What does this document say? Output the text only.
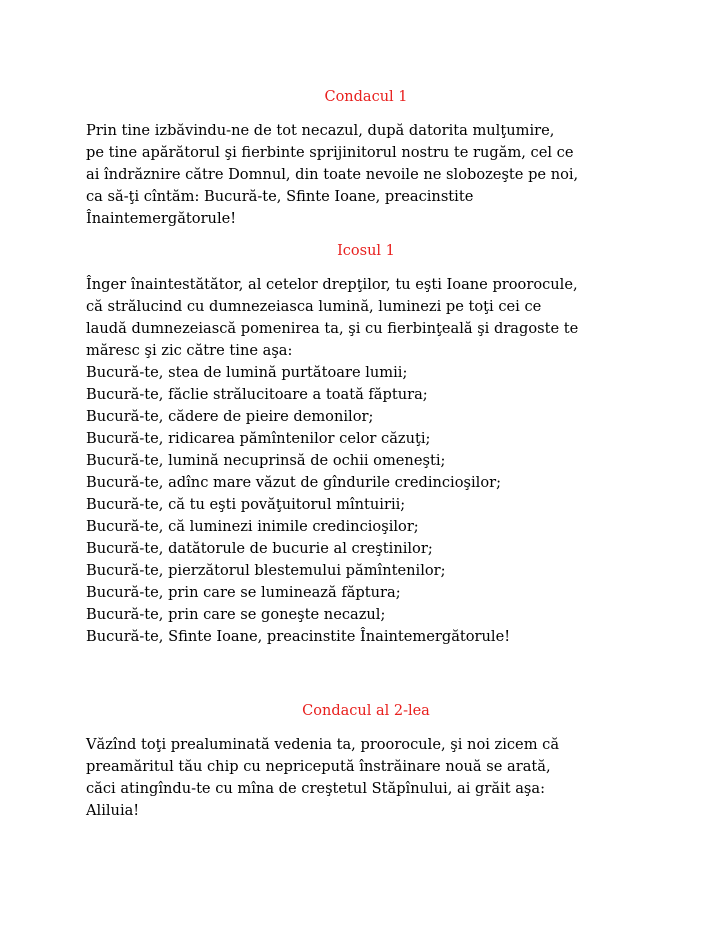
Condacul 1
Prin tine izbăvindu-ne de tot necazul, după datorita mulţumire,
pe tine apărătorul şi fierbinte sprijinitorul nostru te rugăm, cel ce
ai îndrăznire către Domnul, din toate nevoile ne slobozeşte pe noi,
ca să-ţi cîntăm: Bucură-te, Sfinte Ioane, preacinstite
Înaintemergătorule!
Icosul 1
Înger înaintestătător, al cetelor drepţilor, tu eşti Ioane proorocule,
că strălucind cu dumnezeiasca lumină, luminezi pe toţi cei ce
laudă dumnezeiască pomenirea ta, şi cu fierbinţeală şi dragoste te
măresc şi zic către tine aşa:
Bucură-te, stea de lumină purtătoare lumii;
Bucură-te, făclie strălucitoare a toată făptura;
Bucură-te, cădere de pieire demonilor;
Bucură-te, ridicarea pămîntenilor celor căzuţi;
Bucură-te, lumină necuprinsă de ochii omeneşti;
Bucură-te, adînc mare văzut de gîndurile credincioşilor;
Bucură-te, că tu eşti povăţuitorul mîntuirii;
Bucură-te, că luminezi inimile credincioşilor;
Bucură-te, datătorule de bucurie al creştinilor;
Bucură-te, pierzătorul blestemului pămîntenilor;
Bucură-te, prin care se luminează făptura;
Bucură-te, prin care se goneşte necazul;
Bucură-te, Sfinte Ioane, preacinstite Înaintemergătorule!
Condacul al 2-lea
Văzînd toţi prealuminată vedenia ta, proorocule, şi noi zicem că
preamăritul tău chip cu nepricepută înstrăinare nouă se arată,
căci atingîndu-te cu mîna de creştetul Stăpînului, ai grăit aşa:
Aliluia!
